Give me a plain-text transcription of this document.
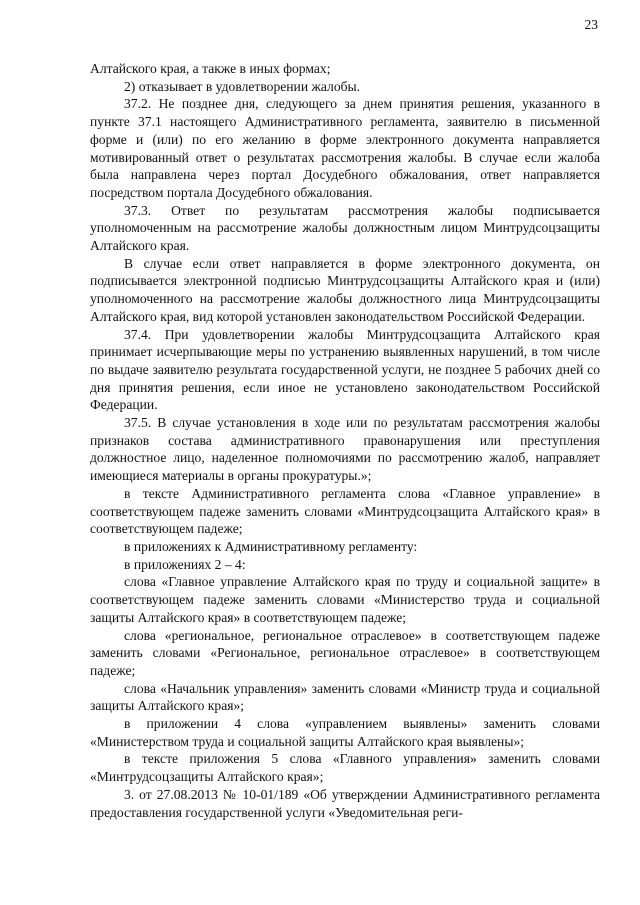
23

Алтайского края, а также в иных формах;

2) отказывает в удовлетворении жалобы.

37.2. Не позднее дня, следующего за днем принятия решения, указанного в пункте 37.1 настоящего Административного регламента, заявителю в письменной форме и (или) по его желанию в форме электронного документа направляется мотивированный ответ о результатах рассмотрения жалобы. В случае если жалоба была направлена через портал Досудебного обжалования, ответ направляется посредством портала Досудебного обжалования.

37.3. Ответ по результатам рассмотрения жалобы подписывается уполномоченным на рассмотрение жалобы должностным лицом Минтрудсоцзащиты Алтайского края.

В случае если ответ направляется в форме электронного документа, он подписывается электронной подписью Минтрудсоцзащиты Алтайского края и (или) уполномоченного на рассмотрение жалобы должностного лица Минтрудсоцзащиты Алтайского края, вид которой установлен законодательством Российской Федерации.

37.4. При удовлетворении жалобы Минтрудсоцзащита Алтайского края принимает исчерпывающие меры по устранению выявленных нарушений, в том числе по выдаче заявителю результата государственной услуги, не позднее 5 рабочих дней со дня принятия решения, если иное не установлено законодательством Российской Федерации.

37.5. В случае установления в ходе или по результатам рассмотрения жалобы признаков состава административного правонарушения или преступления должностное лицо, наделенное полномочиями по рассмотрению жалоб, направляет имеющиеся материалы в органы прокуратуры.»;

в тексте Административного регламента слова «Главное управление» в соответствующем падеже заменить словами «Минтрудсоцзащита Алтайского края» в соответствующем падеже;

в приложениях к Административному регламенту:

в приложениях 2 – 4:

слова «Главное управление Алтайского края по труду и социальной защите» в соответствующем падеже заменить словами «Министерство труда и социальной защиты Алтайского края» в соответствующем падеже;

слова «региональное, региональное отраслевое» в соответствующем падеже заменить словами «Региональное, региональное отраслевое» в соответствующем падеже;

слова «Начальник управления» заменить словами «Министр труда и социальной защиты Алтайского края»;

в приложении 4 слова «управлением выявлены» заменить словами «Министерством труда и социальной защиты Алтайского края выявлены»;

в тексте приложения 5 слова «Главного управления» заменить словами «Минтрудсоцзащиты Алтайского края»;

3. от 27.08.2013 № 10-01/189 «Об утверждении Административного регламента предоставления государственной услуги «Уведомительная реги-
